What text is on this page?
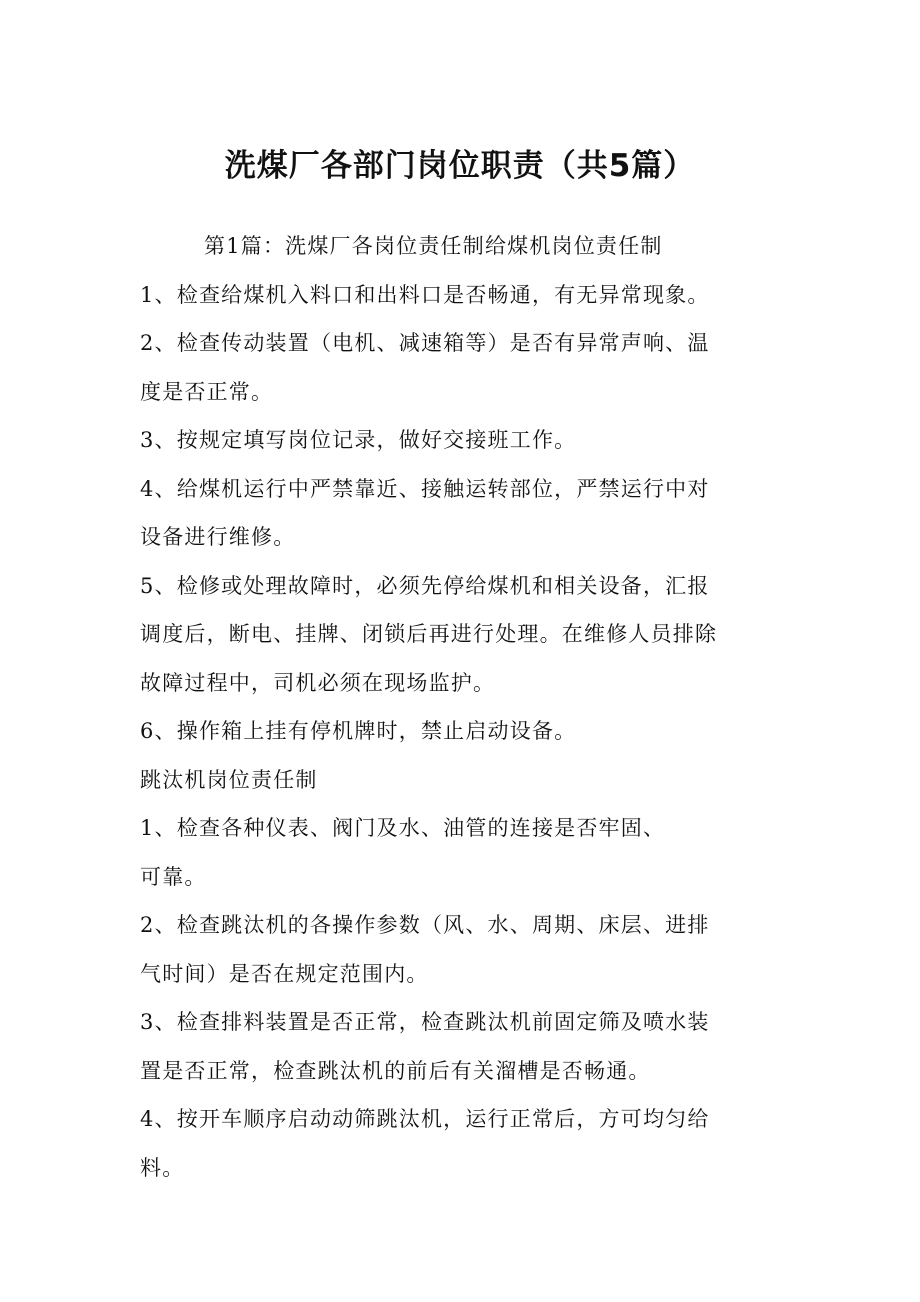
洗煤厂各部门岗位职责（共5篇）

第1篇：洗煤厂各岗位责任制给煤机岗位责任制

1、检查给煤机入料口和出料口是否畅通，有无异常现象。

2、检查传动装置（电机、减速箱等）是否有异常声响、温

度是否正常。

3、按规定填写岗位记录，做好交接班工作。

4、给煤机运行中严禁靠近、接触运转部位，严禁运行中对

设备进行维修。

5、检修或处理故障时，必须先停给煤机和相关设备，汇报

调度后，断电、挂牌、闭锁后再进行处理。在维修人员排除

故障过程中，司机必须在现场监护。

6、操作箱上挂有停机牌时，禁止启动设备。

跳汰机岗位责任制

1、检查各种仪表、阀门及水、油管的连接是否牢固、

可靠。

2、检查跳汰机的各操作参数（风、水、周期、床层、进排

气时间）是否在规定范围内。

3、检查排料装置是否正常，检查跳汰机前固定筛及喷水装

置是否正常，检查跳汰机的前后有关溜槽是否畅通。

4、按开车顺序启动动筛跳汰机，运行正常后，方可均匀给

料。
